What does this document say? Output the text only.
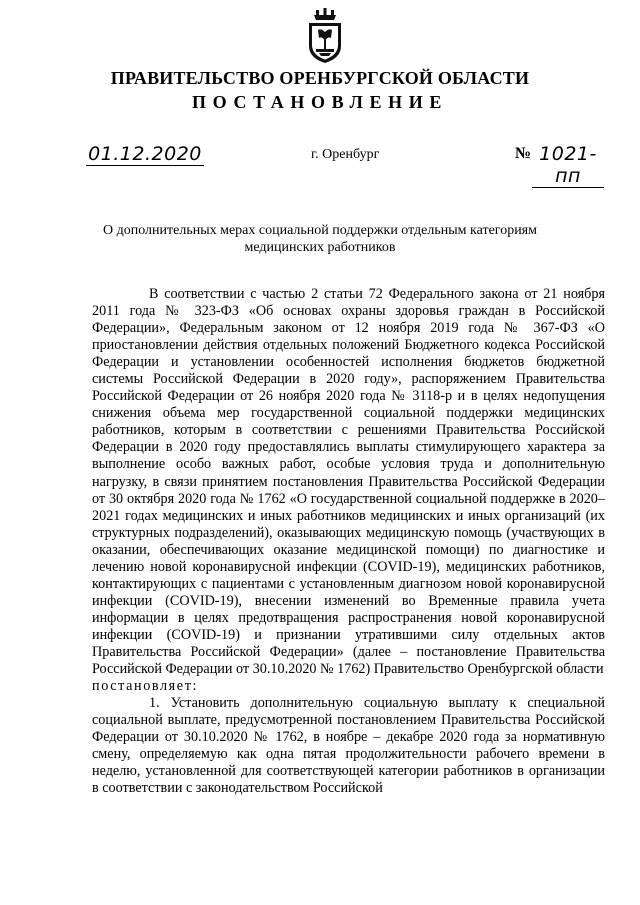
ПРАВИТЕЛЬСТВО ОРЕНБУРГСКОЙ ОБЛАСТИ
ПОСТАНОВЛЕНИЕ
01.12.2020	г. Оренбург	№ 1021-пп
О дополнительных мерах социальной поддержки отдельным категориям медицинских работников

В соответствии с частью 2 статьи 72 Федерального закона от 21 ноября 2011 года № 323-ФЗ «Об основах охраны здоровья граждан в Российской Федерации», Федеральным законом от 12 ноября 2019 года № 367-ФЗ «О приостановлении действия отдельных положений Бюджетного кодекса Российской Федерации и установлении особенностей исполнения бюджетов бюджетной системы Российской Федерации в 2020 году», распоряжением Правительства Российской Федерации от 26 ноября 2020 года № 3118-р и в целях недопущения снижения объема мер государственной социальной поддержки медицинских работников, которым в соответствии с решениями Правительства Российской Федерации в 2020 году предоставлялись выплаты стимулирующего характера за выполнение особо важных работ, особые условия труда и дополнительную нагрузку, в связи принятием постановления Правительства Российской Федерации от 30 октября 2020 года № 1762 «О государственной социальной поддержке в 2020–2021 годах медицинских и иных работников медицинских и иных организаций (их структурных подразделений), оказывающих медицинскую помощь (участвующих в оказании, обеспечивающих оказание медицинской помощи) по диагностике и лечению новой коронавирусной инфекции (COVID-19), медицинских работников, контактирующих с пациентами с установленным диагнозом новой коронавирусной инфекции (COVID-19), внесении изменений во Временные правила учета информации в целях предотвращения распространения новой коронавирусной инфекции (COVID-19) и признании утратившими силу отдельных актов Правительства Российской Федерации» (далее – постановление Правительства Российской Федерации от 30.10.2020 № 1762) Правительство Оренбургской области

постановляет:

1. Установить дополнительную социальную выплату к специальной социальной выплате, предусмотренной постановлением Правительства Российской Федерации от 30.10.2020 № 1762, в ноябре – декабре 2020 года за нормативную смену, определяемую как одна пятая продолжительности рабочего времени в неделю, установленной для соответствующей категории работников в организации в соответствии с законодательством Российской
